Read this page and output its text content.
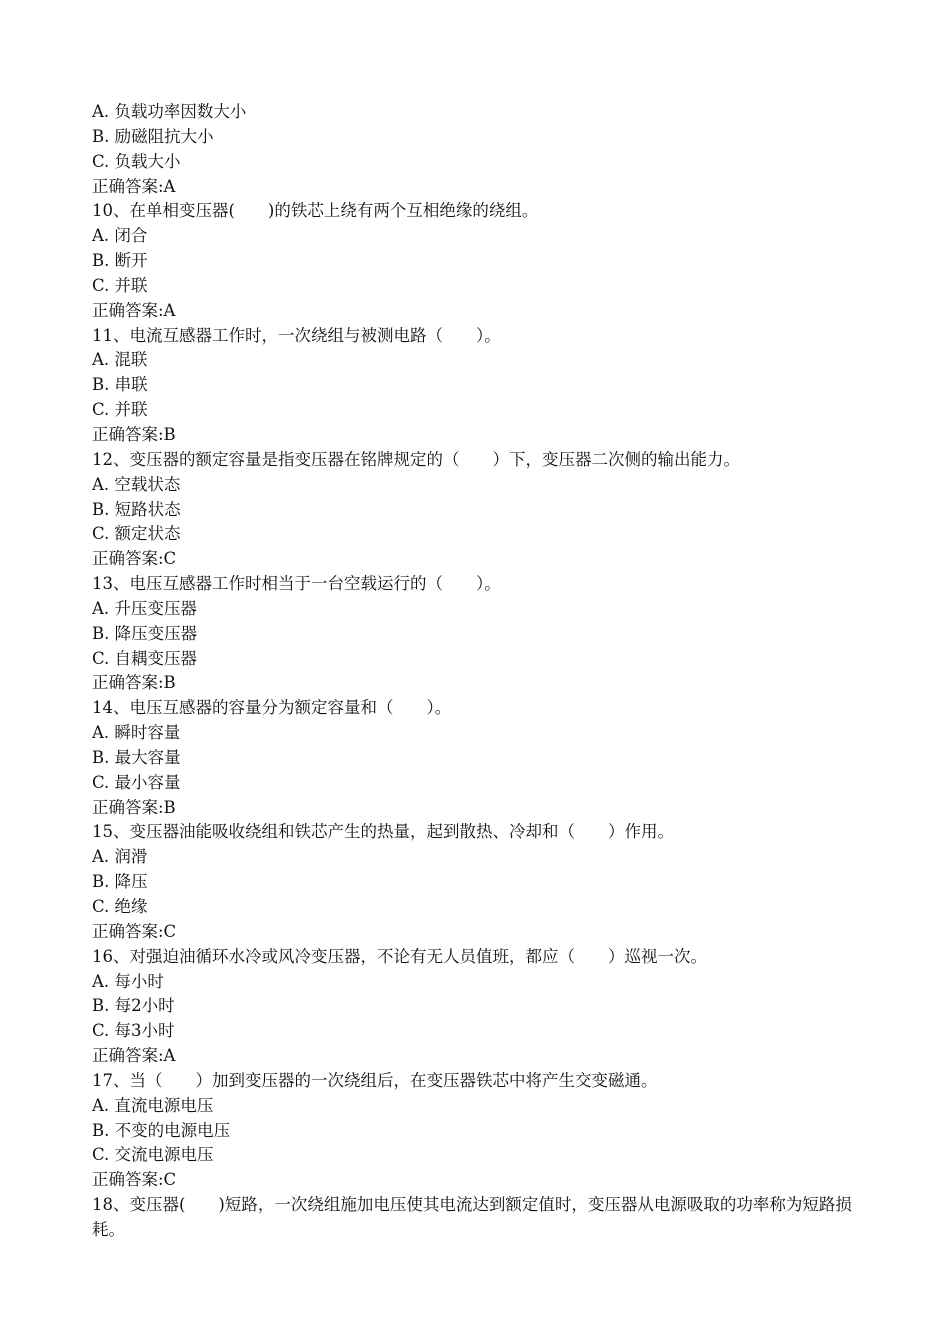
A. 负载功率因数大小
B. 励磁阻抗大小
C. 负载大小
正确答案:A
10、在单相变压器(　　)的铁芯上绕有两个互相绝缘的绕组。
A. 闭合
B. 断开
C. 并联
正确答案:A
11、电流互感器工作时，一次绕组与被测电路（　　）。
A. 混联
B. 串联
C. 并联
正确答案:B
12、变压器的额定容量是指变压器在铭牌规定的（　　）下，变压器二次侧的输出能力。
A. 空载状态
B. 短路状态
C. 额定状态
正确答案:C
13、电压互感器工作时相当于一台空载运行的（　　）。
A. 升压变压器
B. 降压变压器
C. 自耦变压器
正确答案:B
14、电压互感器的容量分为额定容量和（　　）。
A. 瞬时容量
B. 最大容量
C. 最小容量
正确答案:B
15、变压器油能吸收绕组和铁芯产生的热量，起到散热、冷却和（　　）作用。
A. 润滑
B. 降压
C. 绝缘
正确答案:C
16、对强迫油循环水冷或风冷变压器，不论有无人员值班，都应（　　）巡视一次。
A. 每小时
B. 每2小时
C. 每3小时
正确答案:A
17、当（　　）加到变压器的一次绕组后，在变压器铁芯中将产生交变磁通。
A. 直流电源电压
B. 不变的电源电压
C. 交流电源电压
正确答案:C
18、变压器(　　)短路，一次绕组施加电压使其电流达到额定值时，变压器从电源吸取的功率称为短路损耗。
